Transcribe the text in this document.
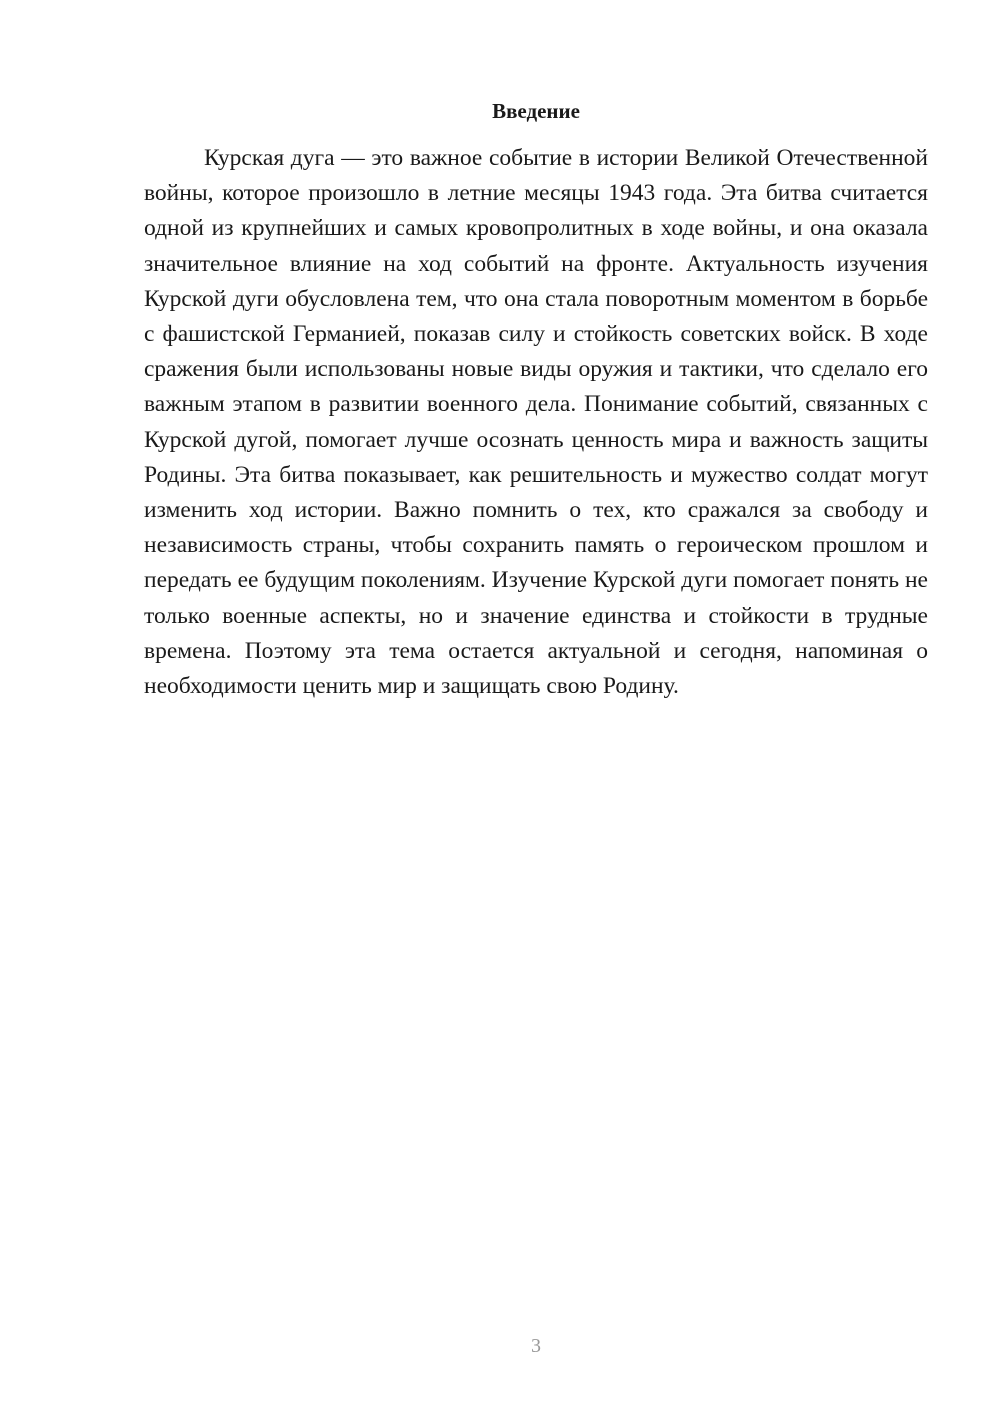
Введение

Курская дуга — это важное событие в истории Великой Отечественной войны, которое произошло в летние месяцы 1943 года. Эта битва считается одной из крупнейших и самых кровопролитных в ходе войны, и она оказала значительное влияние на ход событий на фронте. Актуальность изучения Курской дуги обусловлена тем, что она стала поворотным моментом в борьбе с фашистской Германией, показав силу и стойкость советских войск. В ходе сражения были использованы новые виды оружия и тактики, что сделало его важным этапом в развитии военного дела. Понимание событий, связанных с Курской дугой, помогает лучше осознать ценность мира и важность защиты Родины. Эта битва показывает, как решительность и мужество солдат могут изменить ход истории. Важно помнить о тех, кто сражался за свободу и независимость страны, чтобы сохранить память о героическом прошлом и передать ее будущим поколениям. Изучение Курской дуги помогает понять не только военные аспекты, но и значение единства и стойкости в трудные времена. Поэтому эта тема остается актуальной и сегодня, напоминая о необходимости ценить мир и защищать свою Родину.

3
